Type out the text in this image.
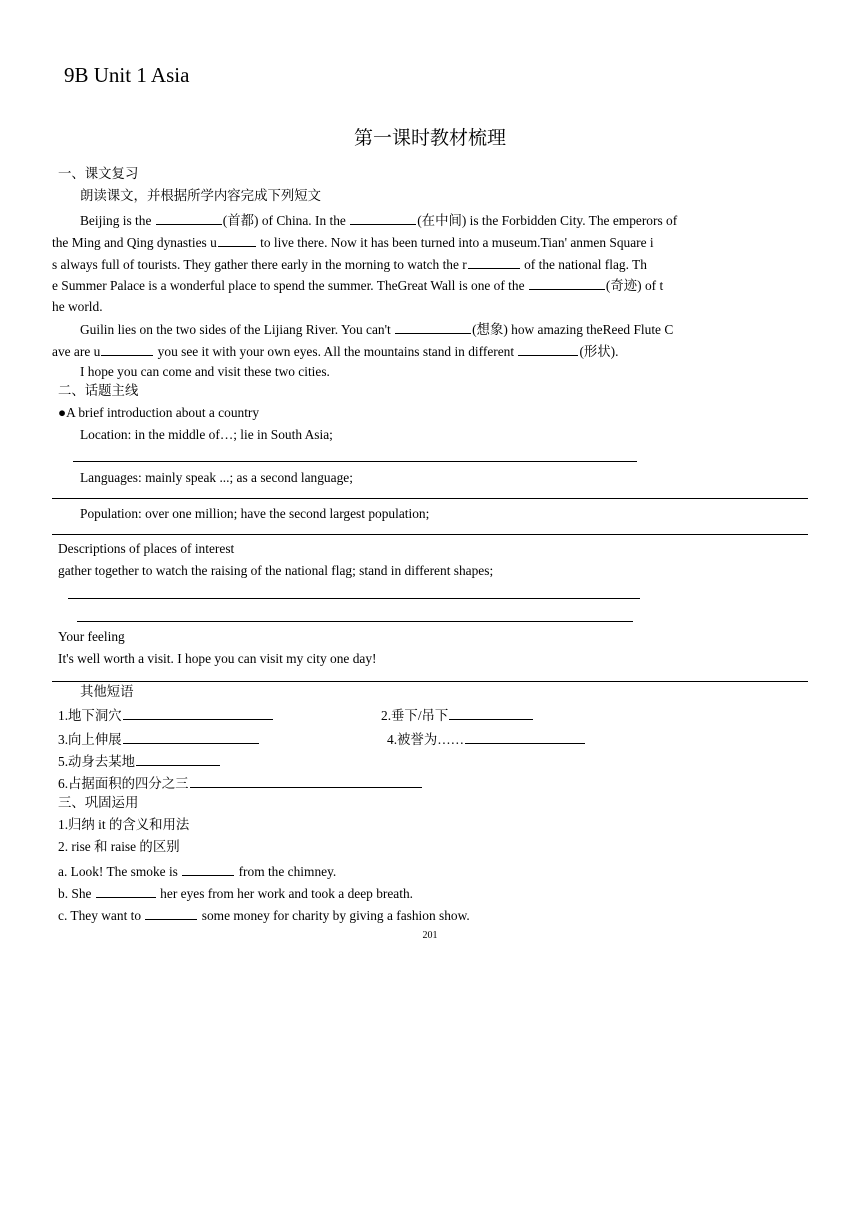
9B Unit 1 Asia
第一课时教材梳理
一、课文复习
朗读课文，并根据所学内容完成下列短文
Beijing is the	(首都) of China. In the	(在中间) is the Forbidden City. The emperors of
the Ming and Qing dynasties u	to live there. Now it has been turned into a museum.Tian' anmen Square i
s always full of tourists. They gather there early in the morning to watch the r	of the national flag. Th
e Summer Palace is a wonderful place to spend the summer. TheGreat Wall is one of the	(奇迹) of t
he world.
Guilin lies on the two sides of the Lijiang River. You can't	(想象) how amazing theReed Flute C
ave are u	you see it with your own eyes. All the mountains stand in different	(形状).
I hope you can come and visit these two cities.
二、话题主线
●A brief introduction about a country
Location: in the middle of…; lie in South Asia;
Languages: mainly speak ...; as a second language;
Population: over one million; have the second largest population;
Descriptions of places of interest
gather together to watch the raising of the national flag; stand in different shapes;
Your feeling
It's well worth a visit. I hope you can visit my city one day!
其他短语
1.地下洞穴	2.垂下/吊下
3.向上伸展	4.被誉为……
5.动身去某地
6.占据面积的四分之三
三、巩固运用
1.归纳 it 的含义和用法
2. rise 和 raise 的区别
a. Look! The smoke is	from the chimney.
b. She	her eyes from her work and took a deep breath.
c. They want to	some money for charity by giving a fashion show.
201
